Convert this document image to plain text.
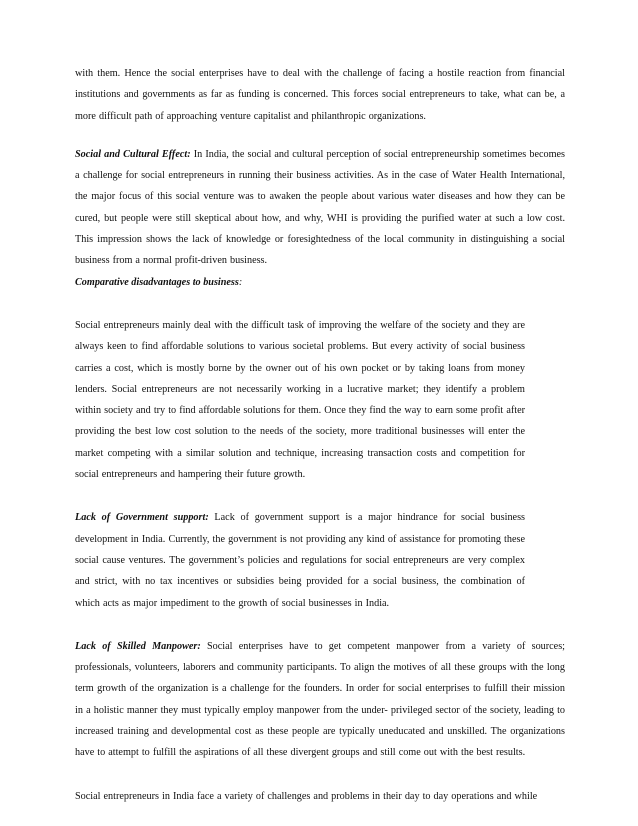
with them. Hence the social enterprises have to deal with the challenge of facing a hostile reaction from financial institutions and governments as far as funding is concerned. This forces social entrepreneurs to take, what can be, a more difficult path of approaching venture capitalist and philanthropic organizations.

Social and Cultural Effect: In India, the social and cultural perception of social entrepreneurship sometimes becomes a challenge for social entrepreneurs in running their business activities. As in the case of Water Health International, the major focus of this social venture was to awaken the people about various water diseases and how they can be cured, but people were still skeptical about how, and why, WHI is providing the purified water at such a low cost. This impression shows the lack of knowledge or foresightedness of the local community in distinguishing a social business from a normal profit-driven business.

Comparative disadvantages to business:

Social entrepreneurs mainly deal with the difficult task of improving the welfare of the society and they are always keen to find affordable solutions to various societal problems. But every activity of social business carries a cost, which is mostly borne by the owner out of his own pocket or by taking loans from money lenders. Social entrepreneurs are not necessarily working in a lucrative market; they identify a problem within society and try to find affordable solutions for them. Once they find the way to earn some profit after providing the best low cost solution to the needs of the society, more traditional businesses will enter the market competing with a similar solution and technique, increasing transaction costs and competition for social entrepreneurs and hampering their future growth.

Lack of Government support: Lack of government support is a major hindrance for social business development in India. Currently, the government is not providing any kind of assistance for promoting these social cause ventures. The government’s policies and regulations for social entrepreneurs are very complex and strict, with no tax incentives or subsidies being provided for a social business, the combination of which acts as major impediment to the growth of social businesses in India.

Lack of Skilled Manpower: Social enterprises have to get competent manpower from a variety of sources; professionals, volunteers, laborers and community participants. To align the motives of all these groups with the long term growth of the organization is a challenge for the founders. In order for social enterprises to fulfill their mission in a holistic manner they must typically employ manpower from the under- privileged sector of the society, leading to increased training and developmental cost as these people are typically uneducated and unskilled. The organizations have to attempt to fulfill the aspirations of all these divergent groups and still come out with the best results.

Social entrepreneurs in India face a variety of challenges and problems in their day to day operations and while
